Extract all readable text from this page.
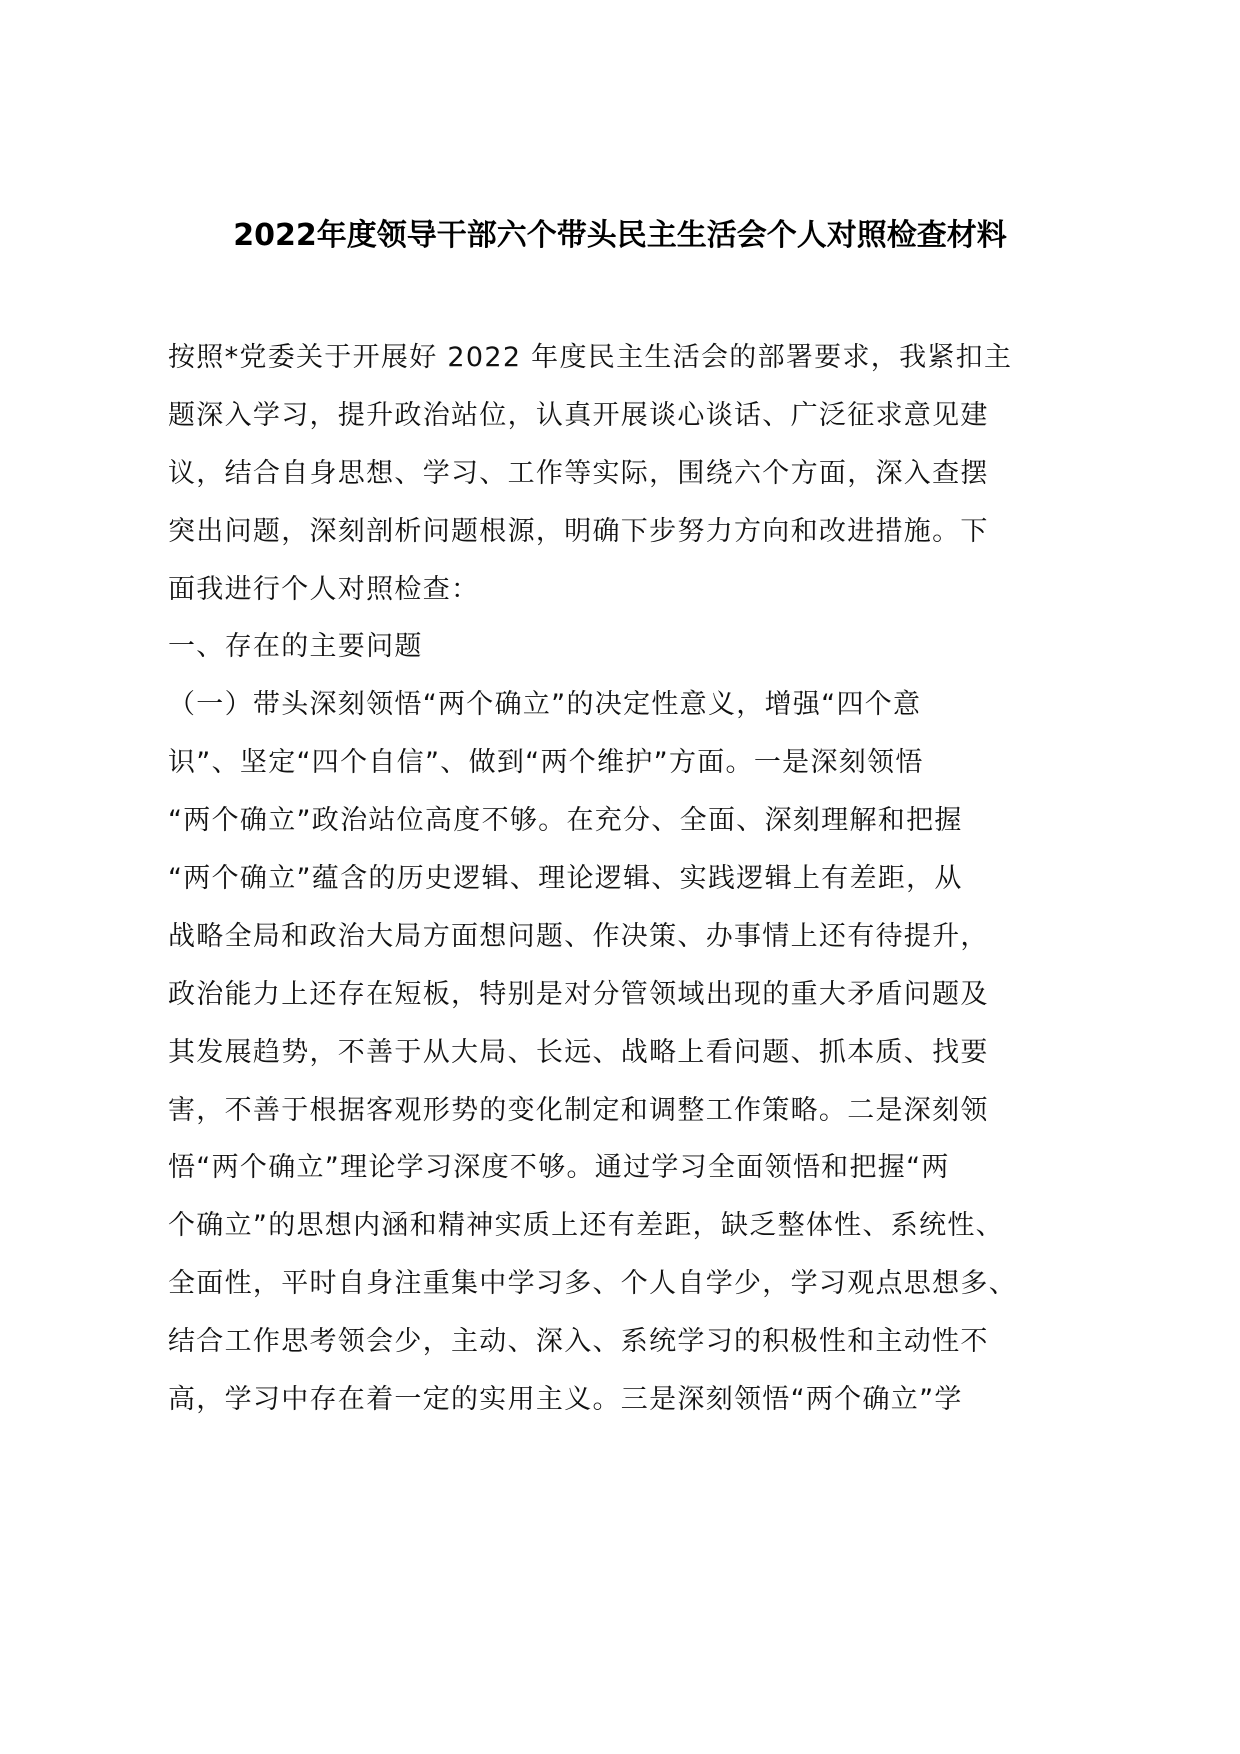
2022年度领导干部六个带头民主生活会个人对照检查材料
按照*党委关于开展好 2022 年度民主生活会的部署要求，我紧扣主
题深入学习，提升政治站位，认真开展谈心谈话、广泛征求意见建
议，结合自身思想、学习、工作等实际，围绕六个方面，深入查摆
突出问题，深刻剖析问题根源，明确下步努力方向和改进措施。下
面我进行个人对照检查：
一、存在的主要问题
（一）带头深刻领悟“两个确立”的决定性意义，增强“四个意
识”、坚定“四个自信”、做到“两个维护”方面。一是深刻领悟
“两个确立”政治站位高度不够。在充分、全面、深刻理解和把握
“两个确立”蕴含的历史逻辑、理论逻辑、实践逻辑上有差距，从
战略全局和政治大局方面想问题、作决策、办事情上还有待提升，
政治能力上还存在短板，特别是对分管领域出现的重大矛盾问题及
其发展趋势，不善于从大局、长远、战略上看问题、抓本质、找要
害，不善于根据客观形势的变化制定和调整工作策略。二是深刻领
悟“两个确立”理论学习深度不够。通过学习全面领悟和把握“两
个确立”的思想内涵和精神实质上还有差距，缺乏整体性、系统性、
全面性，平时自身注重集中学习多、个人自学少，学习观点思想多、
结合工作思考领会少，主动、深入、系统学习的积极性和主动性不
高，学习中存在着一定的实用主义。三是深刻领悟“两个确立”学
